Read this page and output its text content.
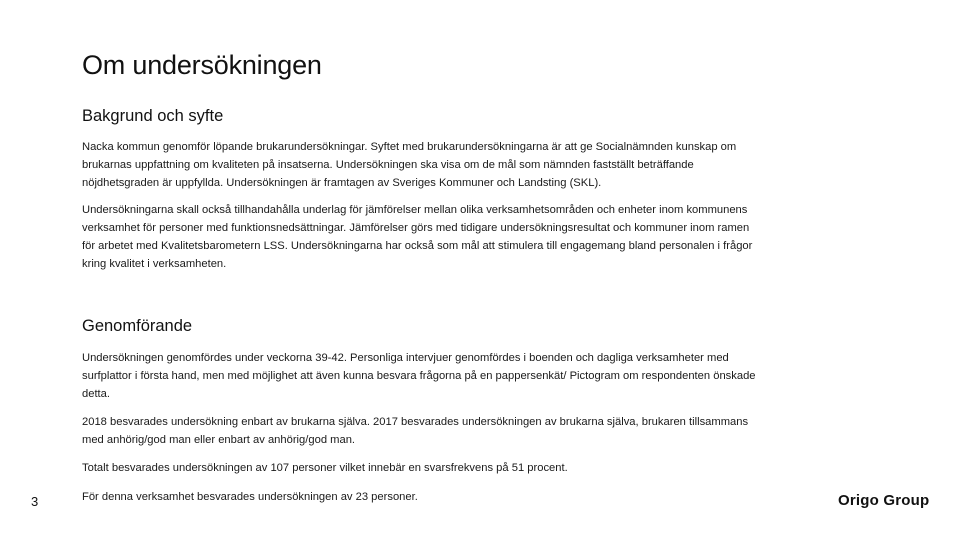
Om undersökningen
Bakgrund och syfte

Nacka kommun genomför löpande brukarundersökningar. Syftet med brukarundersökningarna är att ge Socialnämnden kunskap om brukarnas uppfattning om kvaliteten på insatserna. Undersökningen ska visa om de mål som nämnden fastställt beträffande nöjdhetsgraden är uppfyllda. Undersökningen är framtagen av Sveriges Kommuner och Landsting (SKL).

Undersökningarna skall också tillhandahålla underlag för jämförelser mellan olika verksamhetsområden och enheter inom kommunens verksamhet för personer med funktionsnedsättningar. Jämförelser görs med tidigare undersökningsresultat och kommuner inom ramen för arbetet med Kvalitetsbarometern LSS. Undersökningarna har också som mål att stimulera till engagemang bland personalen i frågor kring kvalitet i verksamheten.

Genomförande

Undersökningen genomfördes under veckorna 39-42. Personliga intervjuer genomfördes i boenden och dagliga verksamheter med surfplattor i första hand, men med möjlighet att även kunna besvara frågorna på en pappersenkät/ Pictogram om respondenten önskade detta.

2018 besvarades undersökning enbart av brukarna själva. 2017 besvarades undersökningen av brukarna själva, brukaren tillsammans med anhörig/god man eller enbart av anhörig/god man.

Totalt besvarades undersökningen av 107 personer vilket innebär en svarsfrekvens på 51 procent.

För denna verksamhet besvarades undersökningen av 23 personer.

3	Origo Group
